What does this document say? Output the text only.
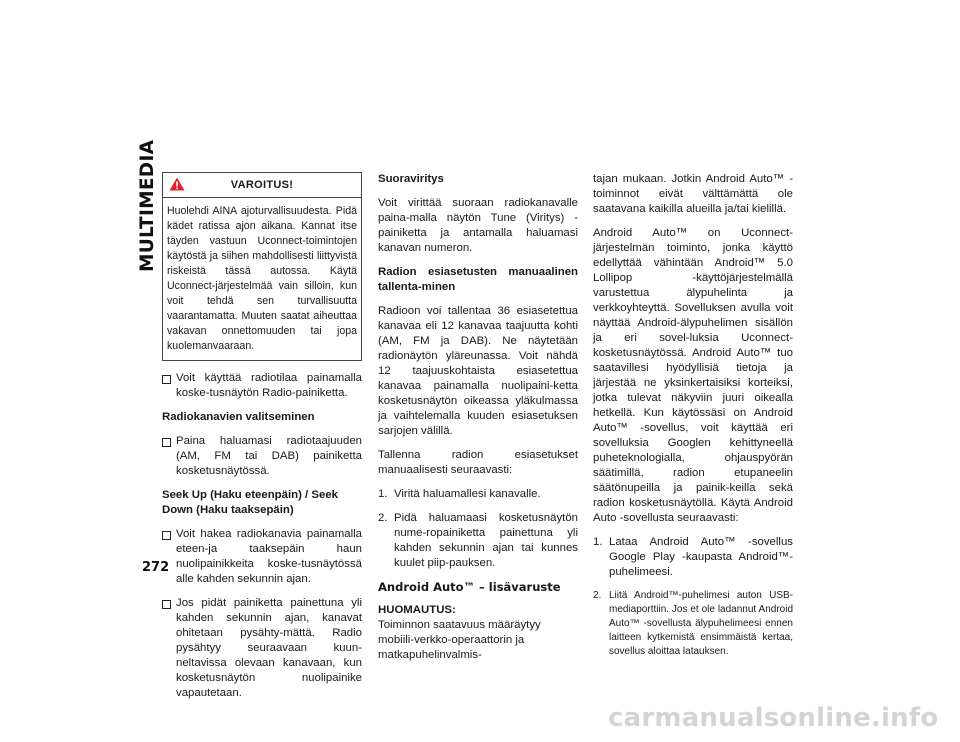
MULTIMEDIA
272
VAROITUS!
Huolehdi AINA ajoturvallisuudesta. Pidä kädet ratissa ajon aikana. Kannat itse täyden vastuun Uconnect-toimintojen käytöstä ja siihen mahdollisesti liittyvistä riskeistä tässä autossa. Käytä Uconnect-järjestelmää vain silloin, kun voit tehdä sen turvallisuutta vaarantamatta. Muuten saatat aiheuttaa vakavan onnettomuuden tai jopa kuolemanvaaraan.
Voit käyttää radiotilaa painamalla koske-tusnäytön Radio-painiketta.

Radiokanavien valitseminen

Paina haluamasi radiotaajuuden (AM, FM tai DAB) painiketta kosketusnäytössä.

Seek Up (Haku eteenpäin) / Seek Down (Haku taaksepäin)

Voit hakea radiokanavia painamalla eteen-ja taaksepäin haun nuolipainikkeita koske-tusnäytössä alle kahden sekunnin ajan.
Jos pidät painiketta painettuna yli kahden sekunnin ajan, kanavat ohitetaan pysähty-mättä. Radio pysähtyy seuraavaan kuun-neltavissa olevaan kanavaan, kun kosketusnäytön nuolipainike vapautetaan.

Suoraviritys

Voit virittää suoraan radiokanavalle paina-malla näytön Tune (Viritys) -painiketta ja antamalla haluamasi kanavan numeron.

Radion esiasetusten manuaalinen tallenta-minen

Radioon voi tallentaa 36 esiasetettua kanavaa eli 12 kanavaa taajuutta kohti (AM, FM ja DAB). Ne näytetään radionäytön yläreunassa. Voit nähdä 12 taajuuskohtaista esiasetettua kanavaa painamalla nuolipaini-ketta kosketusnäytön oikeassa yläkulmassa ja vaihtelemalla kuuden esiasetuksen sarjojen välillä.

Tallenna radion esiasetukset manuaalisesti seuraavasti:

1. Viritä haluamallesi kanavalle.
2. Pidä haluamaasi kosketusnäytön nume-ropainiketta painettuna yli kahden sekunnin ajan tai kunnes kuulet piip-pauksen.
Android Auto™ – lisävaruste

HUOMAUTUS:

Toiminnon saatavuus määräytyy mobiili-verkko-operaattorin ja matkapuhelinvalmis-

tajan mukaan. Jotkin Android Auto™ -toiminnot eivät välttämättä ole saatavana kaikilla alueilla ja/tai kielillä.

Android Auto™ on Uconnect-järjestelmän toiminto, jonka käyttö edellyttää vähintään Android™ 5.0 Lollipop -käyttöjärjestelmällä varustettua älypuhelinta ja verkkoyhteyttä. Sovelluksen avulla voit näyttää Android-älypuhelimen sisällön ja eri sovel-luksia Uconnect-kosketusnäytössä. Android Auto™ tuo saatavillesi hyödyllisiä tietoja ja järjestää ne yksinkertaisiksi korteiksi, jotka tulevat näkyviin juuri oikealla hetkellä. Kun käytössäsi on Android Auto™ -sovellus, voit käyttää eri sovelluksia Googlen kehittyneellä puheteknologialla, ohjauspyörän säätimillä, radion etupaneelin säätönupeilla ja painik-keilla sekä radion kosketusnäytöllä. Käytä Android Auto -sovellusta seuraavasti:

1. Lataa Android Auto™ -sovellus Google Play -kaupasta Android™-puhelimeesi.
2. Liitä Android™-puhelimesi auton USB-mediaporttiin. Jos et ole ladannut Android Auto™ -sovellusta älypuhelimeesi ennen laitteen kytkemistä ensimmäistä kertaa, sovellus aloittaa latauksen.
carmanualsonline.info
